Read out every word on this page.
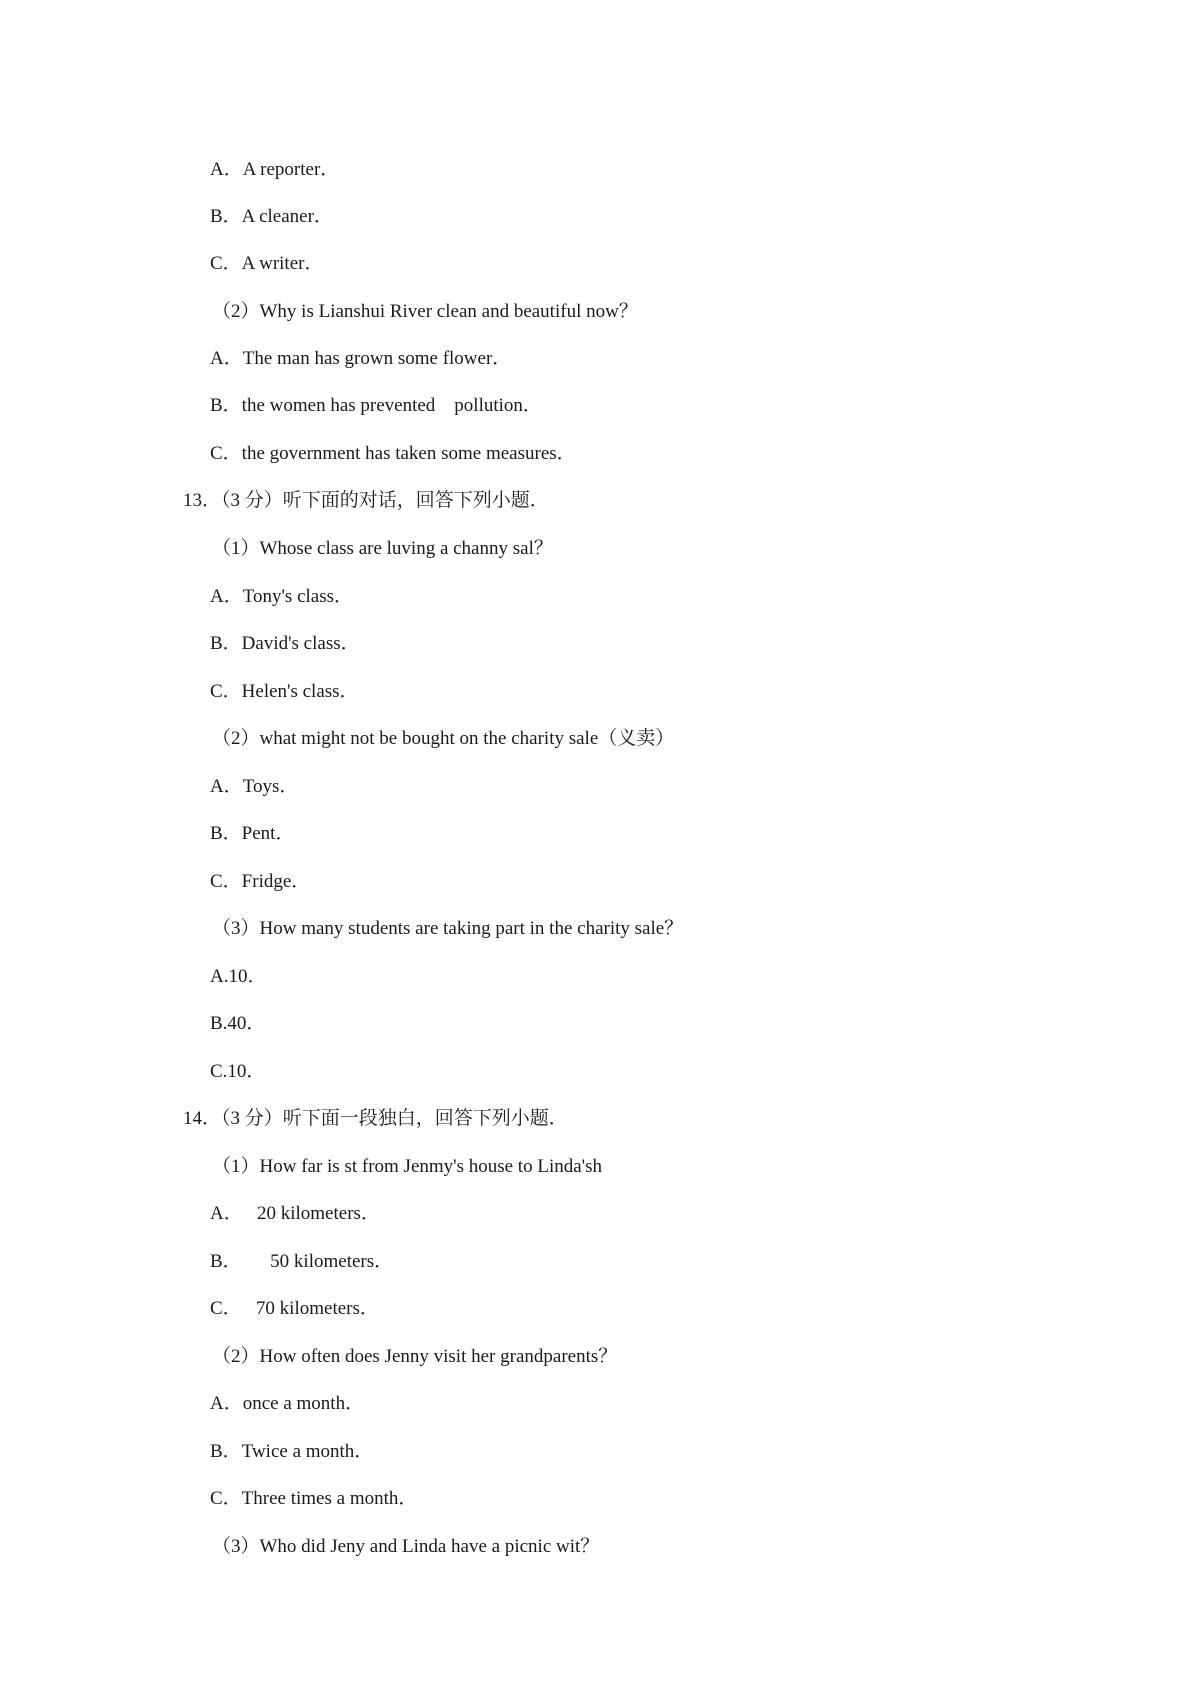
A．A reporter．
B．A cleaner．
C．A writer．
（2）Why is Lianshui River clean and beautiful now？
A．The man has grown some flower．
B．the women has prevented    pollution．
C．the government has taken some measures．
13．（3 分）听下面的对话，回答下列小题．
（1）Whose class are luving a channy sal？
A．Tony's class．
B．David's class．
C．Helen's class．
（2）what might not be bought on the charity sale（义卖）
A．Toys．
B．Pent．
C．Fridge．
（3）How many students are taking part in the charity sale？
A.10．
B.40．
C.10．
14．（3 分）听下面一段独白，回答下列小题．
（1）How far is st from Jenmy's house to Linda'sh
A．   20 kilometers．
B．      50 kilometers．
C．   70 kilometers．
（2）How often does Jenny visit her grandparents？
A．once a month．
B．Twice a month．
C．Three times a month．
（3）Who did Jeny and Linda have a picnic wit？
